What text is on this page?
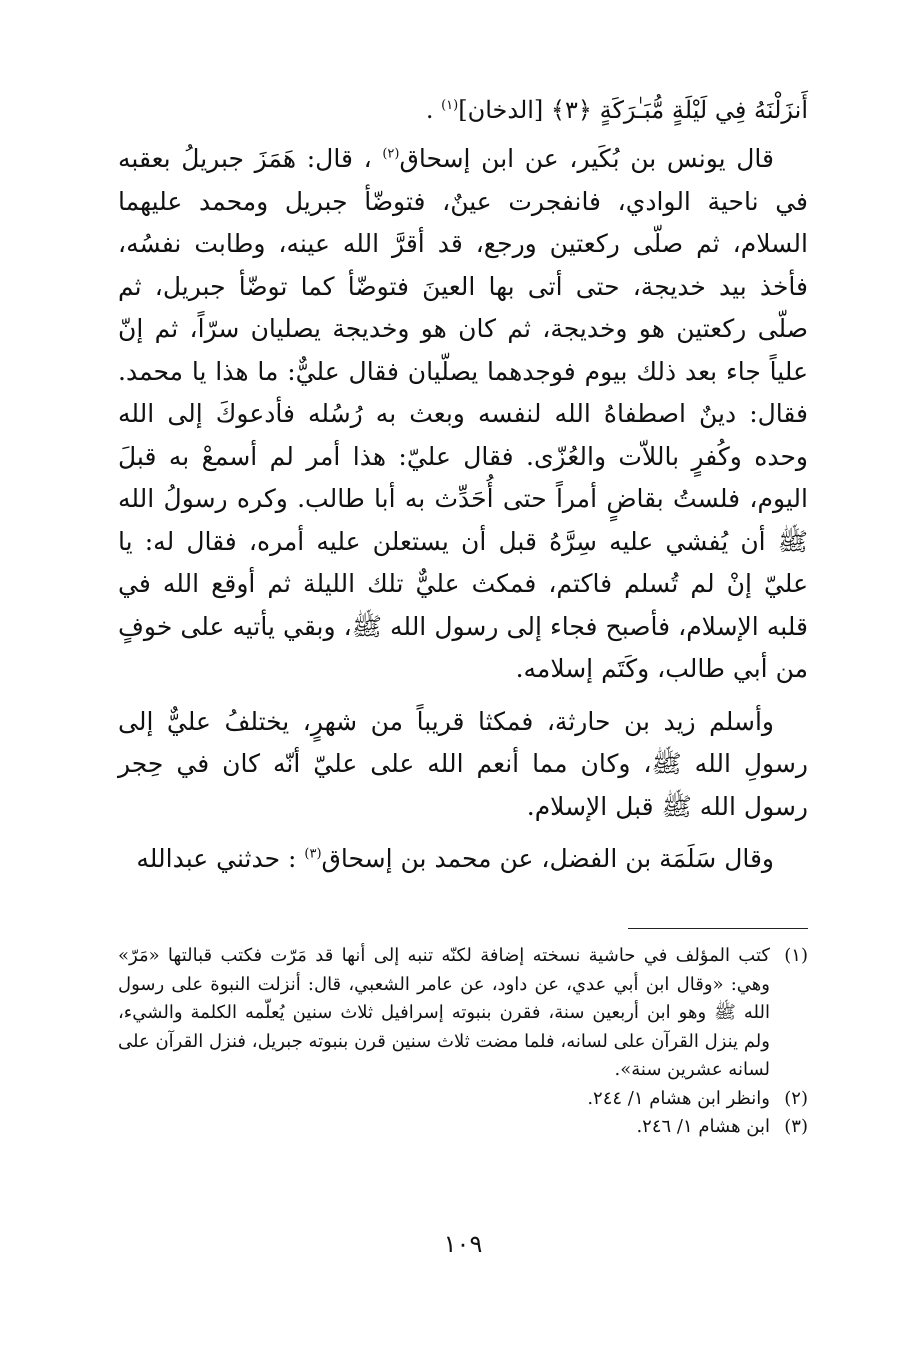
أَنزَلْنَهُ فِي لَيْلَةٍ مُّبَـٰرَكَةٍ ﴿٣﴾ [الدخان]$^{(١)}$ .

قال يونس بن بُكَير، عن ابن إسحاق$^{(٢)}$ ، قال: هَمَزَ جبريلُ بعقبه في ناحية الوادي، فانفجرت عينٌ، فتوضّأ جبريل ومحمد عليهما السلام، ثم صلّى ركعتين ورجع، قد أقرَّ الله عينه، وطابت نفسُه، فأخذ بيد خديجة، حتى أتى بها العينَ فتوضّأ كما توضّأ جبريل، ثم صلّى ركعتين هو وخديجة، ثم كان هو وخديجة يصليان سرّاً، ثم إنّ علياً جاء بعد ذلك بيوم فوجدهما يصلّيان فقال عليٌّ: ما هذا يا محمد. فقال: دينٌ اصطفاهُ الله لنفسه وبعث به رُسُله فأدعوكَ إلى الله وحده وكُفرٍ باللاّت والعُزّى. فقال عليّ: هذا أمر لم أسمعْ به قبلَ اليوم، فلستُ بقاضٍ أمراً حتى أُحَدِّث به أبا طالب. وكره رسولُ الله ﷺ أن يُفشي عليه سِرَّهُ قبل أن يستعلن عليه أمره، فقال له: يا عليّ إنْ لم تُسلم فاكتم، فمكث عليٌّ تلك الليلة ثم أوقع الله في قلبه الإسلام، فأصبح فجاء إلى رسول الله ﷺ، وبقي يأتيه على خوفٍ من أبي طالب، وكَتَم إسلامه.

وأسلم زيد بن حارثة، فمكثا قريباً من شهرٍ، يختلفُ عليٌّ إلى رسولِ الله ﷺ، وكان مما أنعم الله على عليّ أنّه كان في حِجر رسول الله ﷺ قبل الإسلام.

وقال سَلَمَة بن الفضل، عن محمد بن إسحاق$^{(٣)}$ : حدثني عبدالله

(١)
كتب المؤلف في حاشية نسخته إضافة لكنّه تنبه إلى أنها قد مَرّت فكتب قبالتها «مَرّ» وهي: «وقال ابن أبي عدي، عن داود، عن عامر الشعبي، قال: أنزلت النبوة على رسول الله ﷺ وهو ابن أربعين سنة، فقرن بنبوته إسرافيل ثلاث سنين يُعلّمه الكلمة والشيء، ولم ينزل القرآن على لسانه، فلما مضت ثلاث سنين قرن بنبوته جبريل، فنزل القرآن على لسانه عشرين سنة».
(٢)
وانظر ابن هشام ١/ ٢٤٤.
(٣)
ابن هشام ١/ ٢٤٦.
١٠٩
